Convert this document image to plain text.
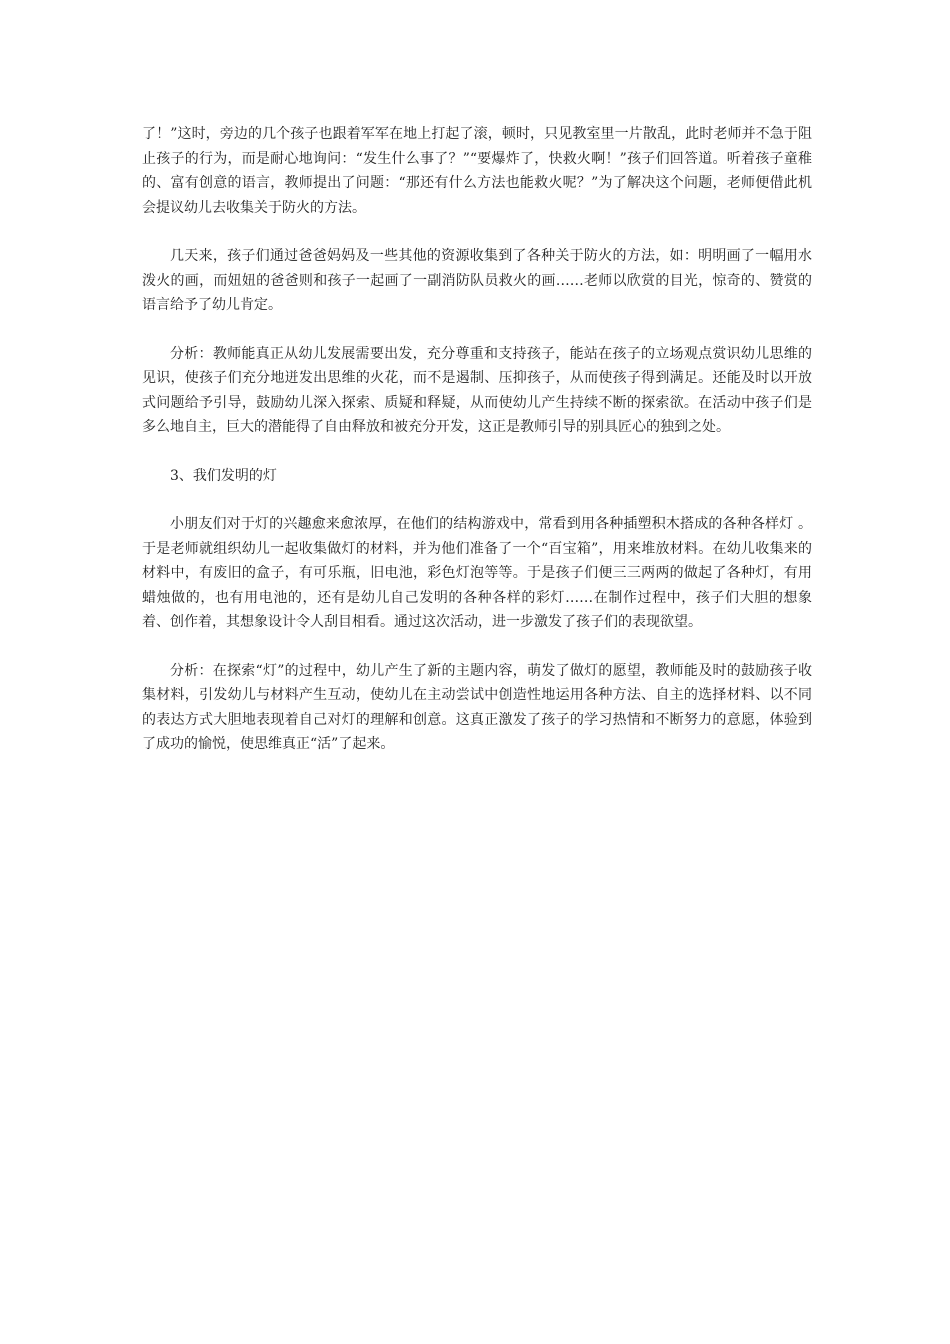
了！”这时，旁边的几个孩子也跟着军军在地上打起了滚，顿时，只见教室里一片散乱，此时老师并不急于阻止孩子的行为，而是耐心地询问：“发生什么事了？”“要爆炸了，快救火啊！”孩子们回答道。听着孩子童稚的、富有创意的语言，教师提出了问题：“那还有什么方法也能救火呢？”为了解决这个问题，老师便借此机会提议幼儿去收集关于防火的方法。

几天来，孩子们通过爸爸妈妈及一些其他的资源收集到了各种关于防火的方法，如：明明画了一幅用水泼火的画，而妞妞的爸爸则和孩子一起画了一副消防队员救火的画……老师以欣赏的目光，惊奇的、赞赏的语言给予了幼儿肯定。

分析：教师能真正从幼儿发展需要出发，充分尊重和支持孩子，能站在孩子的立场观点赏识幼儿思维的见识，使孩子们充分地迸发出思维的火花，而不是遏制、压抑孩子，从而使孩子得到满足。还能及时以开放式问题给予引导，鼓励幼儿深入探索、质疑和释疑，从而使幼儿产生持续不断的探索欲。在活动中孩子们是多么地自主，巨大的潜能得了自由释放和被充分开发，这正是教师引导的别具匠心的独到之处。

3、我们发明的灯

小朋友们对于灯的兴趣愈来愈浓厚，在他们的结构游戏中，常看到用各种插塑积木搭成的各种各样灯 。于是老师就组织幼儿一起收集做灯的材料，并为他们准备了一个“百宝箱”，用来堆放材料。在幼儿收集来的材料中，有废旧的盒子，有可乐瓶，旧电池，彩色灯泡等等。于是孩子们便三三两两的做起了各种灯，有用蜡烛做的，也有用电池的，还有是幼儿自己发明的各种各样的彩灯……在制作过程中，孩子们大胆的想象着、创作着，其想象设计令人刮目相看。通过这次活动，进一步激发了孩子们的表现欲望。

分析：在探索“灯”的过程中，幼儿产生了新的主题内容，萌发了做灯的愿望，教师能及时的鼓励孩子收集材料，引发幼儿与材料产生互动，使幼儿在主动尝试中创造性地运用各种方法、自主的选择材料、以不同的表达方式大胆地表现着自己对灯的理解和创意。这真正激发了孩子的学习热情和不断努力的意愿，体验到了成功的愉悦，使思维真正“活”了起来。
